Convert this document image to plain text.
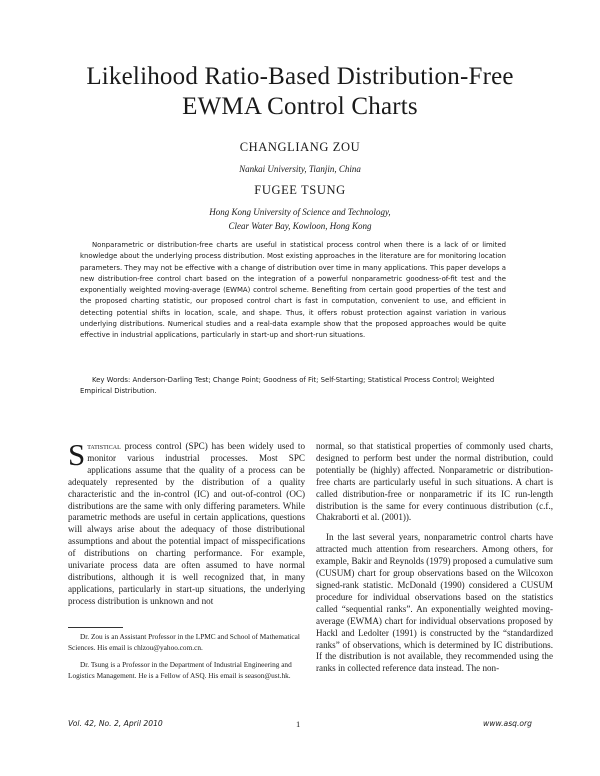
Likelihood Ratio-Based Distribution-Free
EWMA Control Charts
CHANGLIANG ZOU
Nankai University, Tianjin, China
FUGEE TSUNG
Hong Kong University of Science and Technology,
Clear Water Bay, Kowloon, Hong Kong

Nonparametric or distribution-free charts are useful in statistical process control when there is a lack of or limited knowledge about the underlying process distribution. Most existing approaches in the literature are for monitoring location parameters. They may not be effective with a change of distribution over time in many applications. This paper develops a new distribution-free control chart based on the integration of a powerful nonparametric goodness-of-fit test and the exponentially weighted moving-average (EWMA) control scheme. Benefiting from certain good properties of the test and the proposed charting statistic, our proposed control chart is fast in computation, convenient to use, and efficient in detecting potential shifts in location, scale, and shape. Thus, it offers robust protection against variation in various underlying distributions. Numerical studies and a real-data example show that the proposed approaches would be quite effective in industrial applications, particularly in start-up and short-run situations.

Key Words: Anderson-Darling Test; Change Point; Goodness of Fit; Self-Starting; Statistical Process Control; Weighted Empirical Distribution.

Statistical process control (SPC) has been widely used to monitor various industrial processes. Most SPC applications assume that the quality of a process can be adequately represented by the distribution of a quality characteristic and the in-control (IC) and out-of-control (OC) distributions are the same with only differing parameters. While parametric methods are useful in certain applications, questions will always arise about the adequacy of those distributional assumptions and about the potential impact of misspecifications of distributions on charting performance. For example, univariate process data are often assumed to have normal distributions, although it is well recognized that, in many applications, particularly in start-up situations, the underlying process distribution is unknown and not

normal, so that statistical properties of commonly used charts, designed to perform best under the normal distribution, could potentially be (highly) affected. Nonparametric or distribution-free charts are particularly useful in such situations. A chart is called distribution-free or nonparametric if its IC run-length distribution is the same for every continuous distribution (c.f., Chakraborti et al. (2001)).

In the last several years, nonparametric control charts have attracted much attention from researchers. Among others, for example, Bakir and Reynolds (1979) proposed a cumulative sum (CUSUM) chart for group observations based on the Wilcoxon signed-rank statistic. McDonald (1990) considered a CUSUM procedure for individual observations based on the statistics called “sequential ranks”. An exponentially weighted moving-average (EWMA) chart for individual observations proposed by Hackl and Ledolter (1991) is constructed by the “standardized ranks” of observations, which is determined by IC distributions. If the distribution is not available, they recommended using the ranks in collected reference data instead. The non-

Dr. Zou is an Assistant Professor in the LPMC and School of Mathematical Sciences. His email is chlzou@yahoo.com.cn.

Dr. Tsung is a Professor in the Department of Industrial Engineering and Logistics Management. He is a Fellow of ASQ. His email is season@ust.hk.

Vol. 42, No. 2, April 2010	1	www.asq.org
